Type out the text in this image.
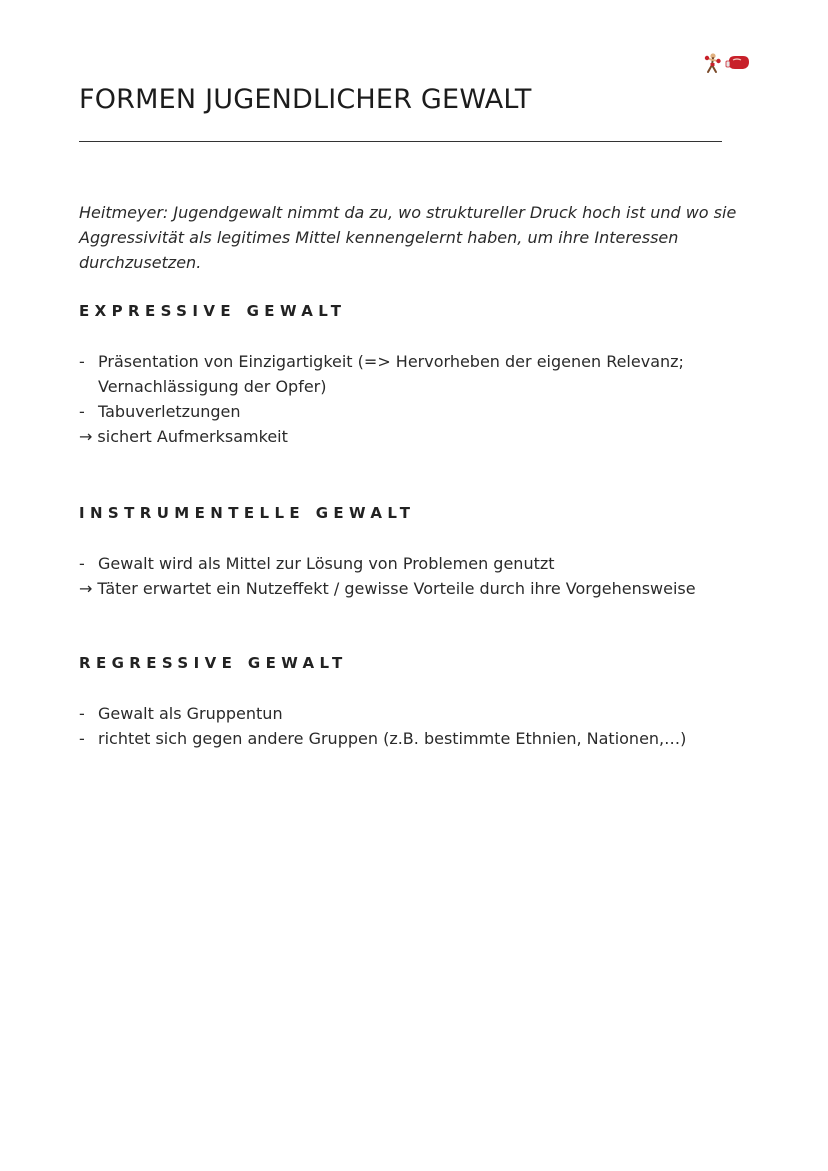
FORMEN JUGENDLICHER GEWALT

Heitmeyer: Jugendgewalt nimmt da zu, wo struktureller Druck hoch ist und wo sie Aggressivität als legitimes Mittel kennengelernt haben, um ihre Interessen durchzusetzen.

EXPRESSIVE GEWALT
- Präsentation von Einzigartigkeit (=> Hervorheben der eigenen Relevanz; Vernachlässigung der Opfer)
- Tabuverletzungen
→ sichert Aufmerksamkeit
INSTRUMENTELLE GEWALT
- Gewalt wird als Mittel zur Lösung von Problemen genutzt
→ Täter erwartet ein Nutzeffekt / gewisse Vorteile durch ihre Vorgehensweise
REGRESSIVE GEWALT
- Gewalt als Gruppentun
- richtet sich gegen andere Gruppen (z.B. bestimmte Ethnien, Nationen,…)
